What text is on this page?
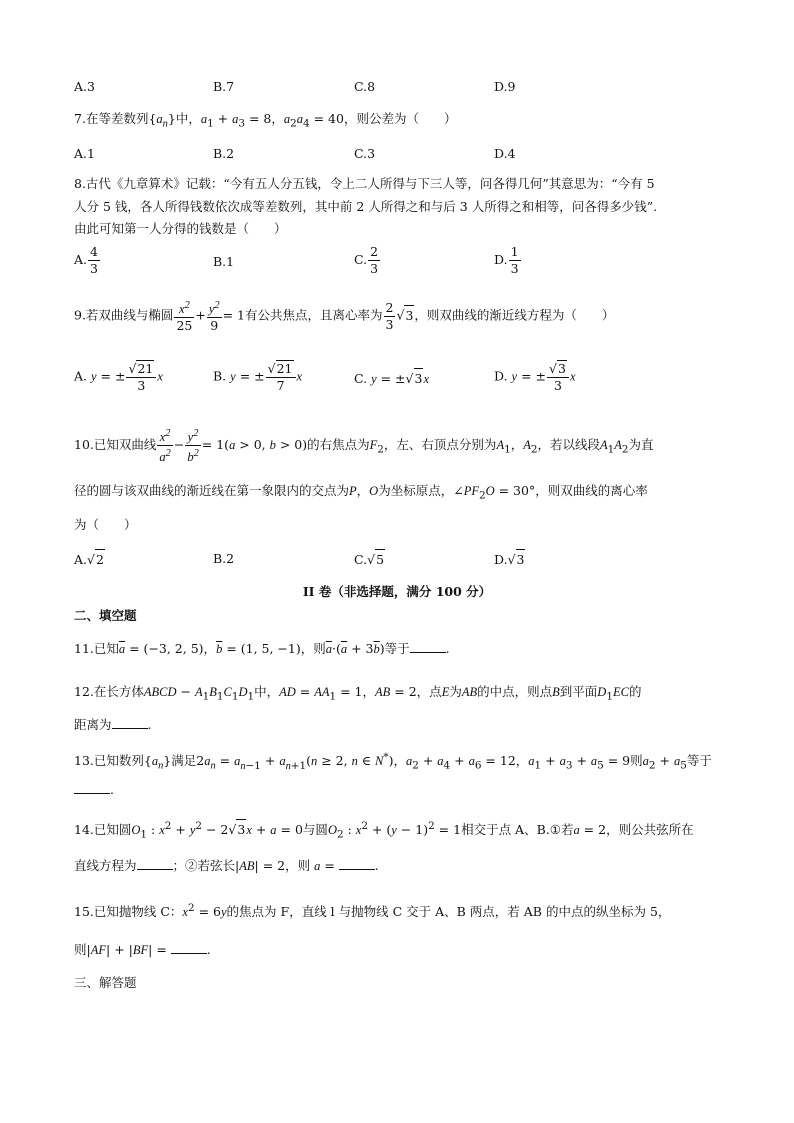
A.3	B.7	C.8	D.9
7.在等差数列$\{a_n\}$中，$a_1 + a_3 = 8$，$a_2a_4 = 40$，则公差为（　　）
A.1	B.2	C.3	D.4
8.古代《九章算术》记载：“今有五人分五钱，令上二人所得与下三人等，问各得几何”其意思为：“今有 5
人分 5 钱，各人所得钱数依次成等差数列，其中前 2 人所得之和与后 3 人所得之和相等，问各得多少钱”.
由此可知第一人分得的钱数是（　　）
A. $\frac{4}{3}$	B.1	C. $\frac{2}{3}$	D. $\frac{1}{3}$
9.若双曲线与椭圆 $\frac{x^2}{25} + \frac{y^2}{9} = 1$有公共焦点，且离心率为 $\frac{2}{3} √3$，则双曲线的渐近线方程为（　　）
A. y = ± $\frac{√21}{3}$ x	B. y = ± $\frac{√21}{7}$ x	C. y = ±√3x	D. y = ± $\frac{√3}{3}$ x
10.已知双曲线 $\frac{x^2}{a^2} - \frac{y^2}{b^2} = 1(a > 0$, b > 0)的右焦点为$F_2$，左、右顶点分别为$A_1$，$A_2$，若以线段$A_1A_2$为直
径的圆与该双曲线的渐近线在第一象限内的交点为P，O为坐标原点，$\angle PF_2O = 30^\circ$，则双曲线的离心率
为（　　）
A.√2	B.2	C.√5	D.√3
II 卷（非选择题，满分 100 分）
二、填空题
11.已知$\overline{a} = (-3$, 2, 5)，$\overline{b} = (1$, 5, −1)，则$\overline{a}\cdot(\overline{a} + 3\overline{b})$等于	.
12.在长方体ABCD − $A_1B_1C_1D_1$中，AD = $AA_1 = 1$，AB = 2，点E为AB的中点，则点B到平面$D_1EC$的
距离为	.
13.已知数列$\{a_n\}$满足$2a_n = a_{n-1} + a_{n+1}(n \ge 2$, n ∈ N*)，$a_2 + a_4 + a_6 = 12$，$a_1 + a_3 + a_5 = 9$则$a_2 + a_5$等于
.
14.已知圆$O_1$ : $x^2 + y^2 - 2√3x + a = 0$与圆$O_2$ : $x^2 + (y - 1)^2 = 1$相交于点 A、B.①若a = 2，则公共弦所在
直线方程为	；②若弦长|AB| = 2，则 a =	.
15.已知抛物线 C：$x^2 = 6y$的焦点为 F，直线 l 与抛物线 C 交于 A、B 两点，若 AB 的中点的纵坐标为 5，
则|AF| + |BF| =	.
三、解答题
